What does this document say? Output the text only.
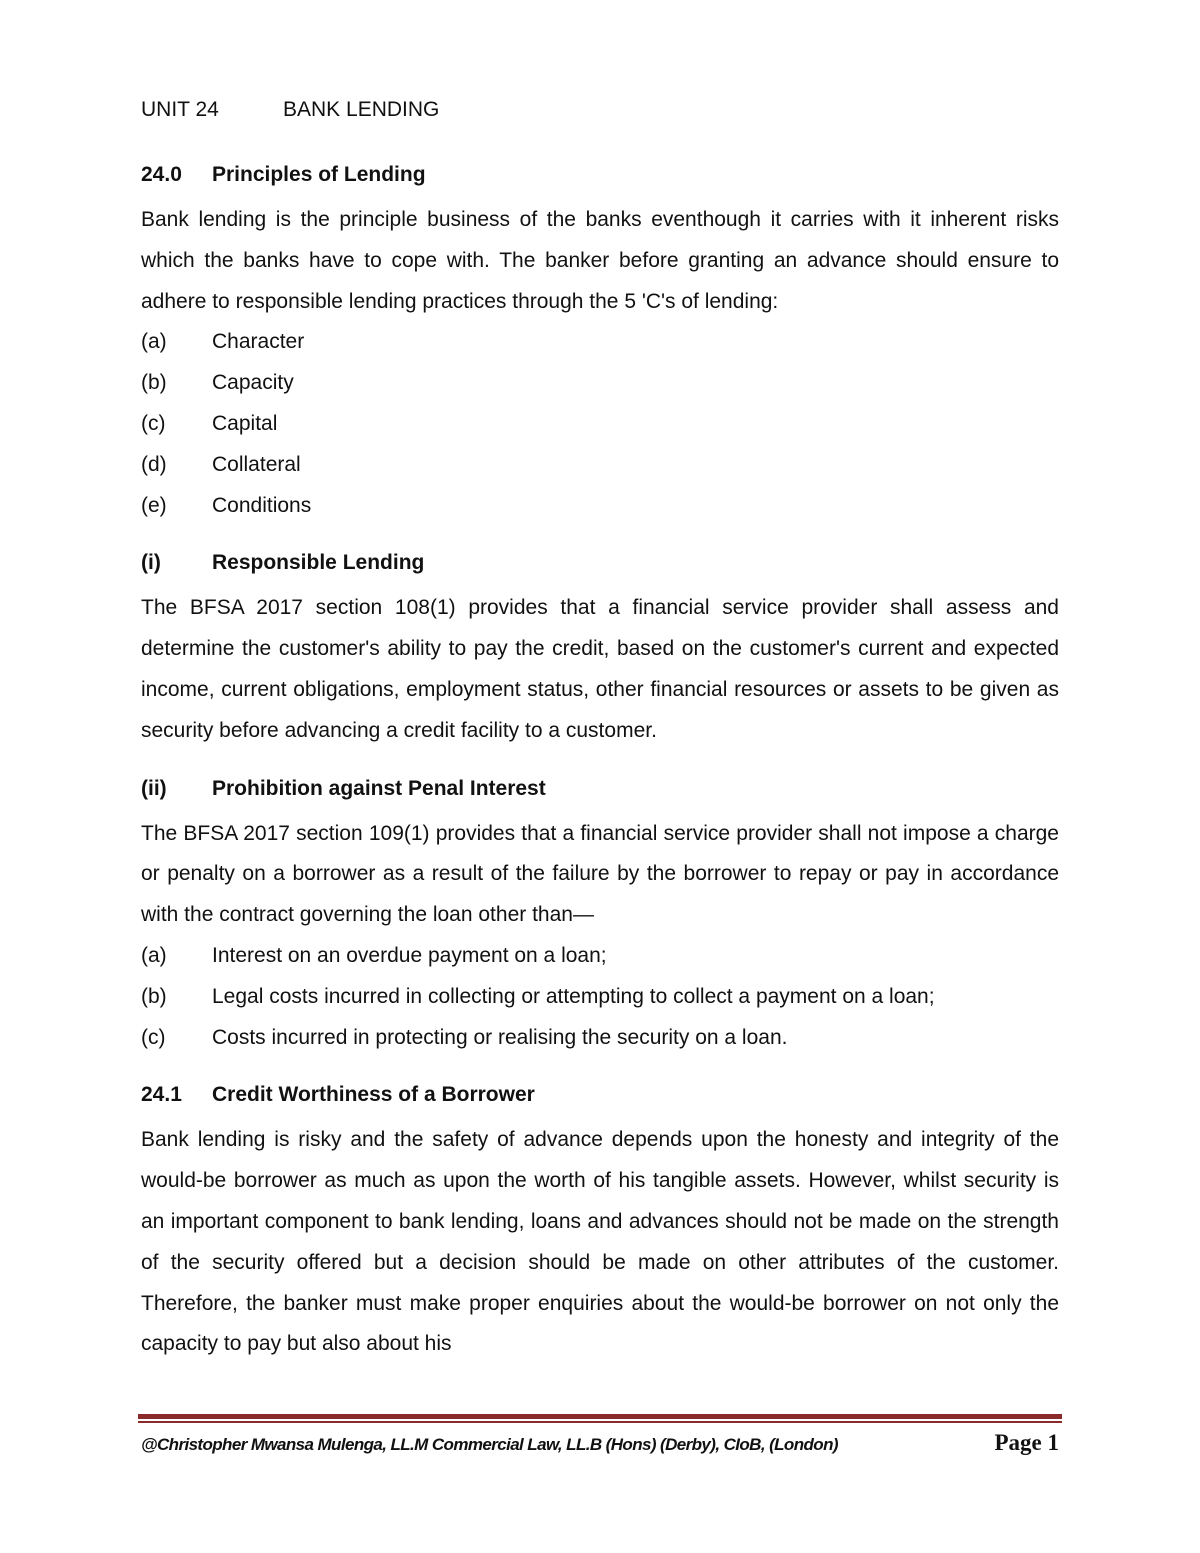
UNIT 24	BANK LENDING
24.0	Principles of Lending
Bank lending is the principle business of the banks eventhough it carries with it inherent risks which the banks have to cope with. The banker before granting an advance should ensure to adhere to responsible lending practices through the 5 'C's of lending:
(a)	Character
(b)	Capacity
(c)	Capital
(d)	Collateral
(e)	Conditions
(i)	Responsible Lending
The BFSA 2017 section 108(1) provides that a financial service provider shall assess and determine the customer's ability to pay the credit, based on the customer's current and expected income, current obligations, employment status, other financial resources or assets to be given as security before advancing a credit facility to a customer.
(ii)	Prohibition against Penal Interest
The BFSA 2017 section 109(1) provides that a financial service provider shall not impose a charge or penalty on a borrower as a result of the failure by the borrower to repay or pay in accordance with the contract governing the loan other than—
(a)	Interest on an overdue payment on a loan;
(b)	Legal costs incurred in collecting or attempting to collect a payment on a loan;
(c)	Costs incurred in protecting or realising the security on a loan.
24.1	Credit Worthiness of a Borrower
Bank lending is risky and the safety of advance depends upon the honesty and integrity of the would-be borrower as much as upon the worth of his tangible assets. However, whilst security is an important component to bank lending, loans and advances should not be made on the strength of the security offered but a decision should be made on other attributes of the customer. Therefore, the banker must make proper enquiries about the would-be borrower on not only the capacity to pay but also about his
@Christopher Mwansa Mulenga, LL.M Commercial Law, LL.B (Hons) (Derby), CIoB, (London)	Page 1
